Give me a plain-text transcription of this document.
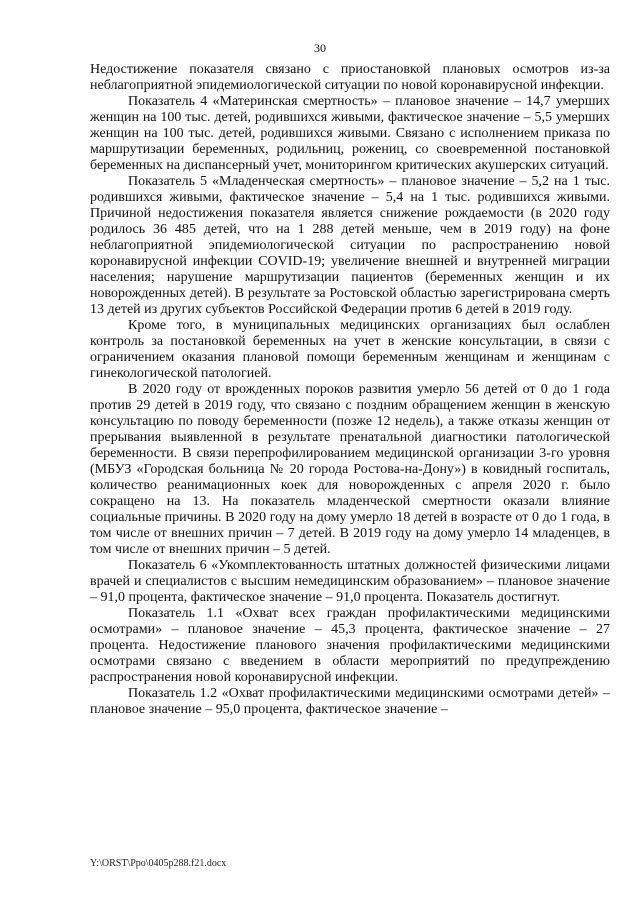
30

Недостижение показателя связано с приостановкой плановых осмотров из-за неблагоприятной эпидемиологической ситуации по новой коронавирусной инфекции.

Показатель 4 «Материнская смертность» – плановое значение – 14,7 умерших женщин на 100 тыс. детей, родившихся живыми, фактическое значение – 5,5 умерших женщин на 100 тыс. детей, родившихся живыми. Связано с исполнением приказа по маршрутизации беременных, родильниц, рожениц, со своевременной постановкой беременных на диспансерный учет, мониторингом критических акушерских ситуаций.

Показатель 5 «Младенческая смертность» – плановое значение – 5,2 на 1 тыс. родившихся живыми, фактическое значение – 5,4 на 1 тыс. родившихся живыми. Причиной недостижения показателя является снижение рождаемости (в 2020 году родилось 36 485 детей, что на 1 288 детей меньше, чем в 2019 году) на фоне неблагоприятной эпидемиологической ситуации по распространению новой коронавирусной инфекции COVID-19; увеличение внешней и внутренней миграции населения; нарушение маршрутизации пациентов (беременных женщин и их новорожденных детей). В результате за Ростовской областью зарегистрирована смерть 13 детей из других субъектов Российской Федерации против 6 детей в 2019 году.

Кроме того, в муниципальных медицинских организациях был ослаблен контроль за постановкой беременных на учет в женские консультации, в связи с ограничением оказания плановой помощи беременным женщинам и женщинам с гинекологической патологией.

В 2020 году от врожденных пороков развития умерло 56 детей от 0 до 1 года против 29 детей в 2019 году, что связано с поздним обращением женщин в женскую консультацию по поводу беременности (позже 12 недель), а также отказы женщин от прерывания выявленной в результате пренатальной диагностики патологической беременности. В связи перепрофилированием медицинской организации 3-го уровня (МБУЗ «Городская больница № 20 города Ростова-на-Дону») в ковидный госпиталь, количество реанимационных коек для новорожденных с апреля 2020 г. было сокращено на 13. На показатель младенческой смертности оказали влияние социальные причины. В 2020 году на дому умерло 18 детей в возрасте от 0 до 1 года, в том числе от внешних причин – 7 детей. В 2019 году на дому умерло 14 младенцев, в том числе от внешних причин – 5 детей.

Показатель 6 «Укомплектованность штатных должностей физическими лицами врачей и специалистов с высшим немедицинским образованием» – плановое значение – 91,0 процента, фактическое значение – 91,0 процента. Показатель достигнут.

Показатель 1.1 «Охват всех граждан профилактическими медицинскими осмотрами» – плановое значение – 45,3 процента, фактическое значение – 27 процента. Недостижение планового значения профилактическими медицинскими осмотрами связано с введением в области мероприятий по предупреждению распространения новой коронавирусной инфекции.

Показатель 1.2 «Охват профилактическими медицинскими осмотрами детей» – плановое значение – 95,0 процента, фактическое значение –

Y:\ORST\Ppo\0405p288.f21.docx
